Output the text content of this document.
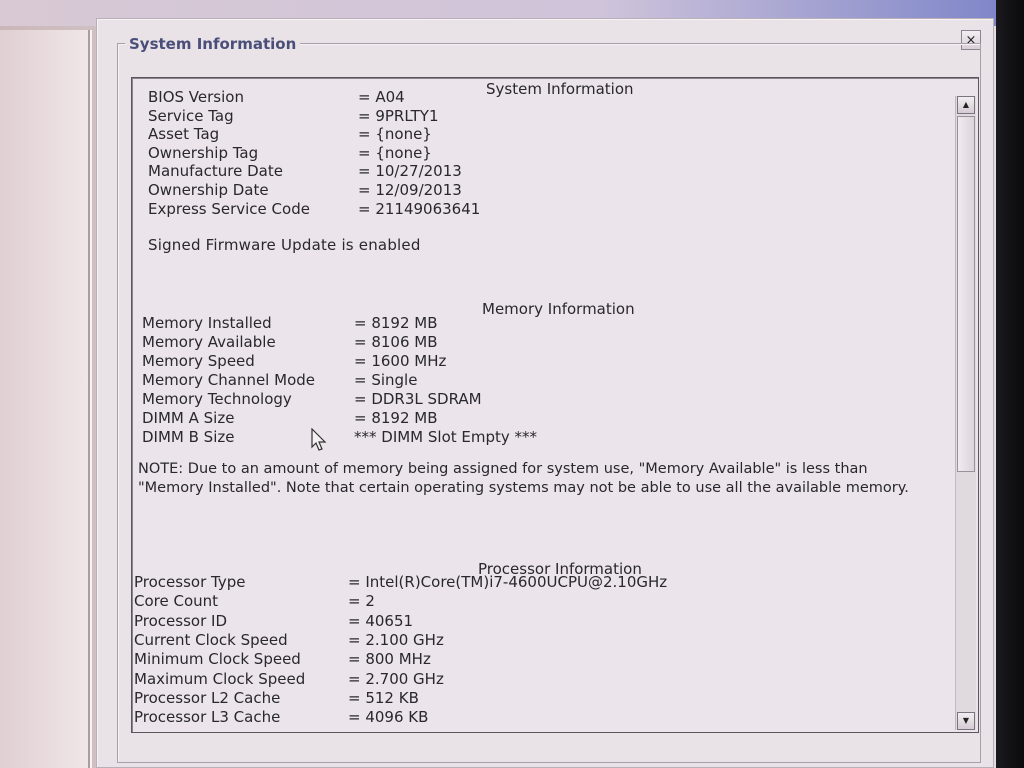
×
System Information
System Information
BIOS Version	= A04
Service Tag	= 9PRLTY1
Asset Tag	= {none}
Ownership Tag	= {none}
Manufacture Date	= 10/27/2013
Ownership Date	= 12/09/2013
Express Service Code	= 21149063641
Signed Firmware Update is enabled
Memory Information
Memory Installed	= 8192 MB
Memory Available	= 8106 MB
Memory Speed	= 1600 MHz
Memory Channel Mode	= Single
Memory Technology	= DDR3L SDRAM
DIMM A Size	= 8192 MB
DIMM B Size	*** DIMM Slot Empty ***
NOTE: Due to an amount of memory being assigned for system use, "Memory Available" is less than "Memory Installed". Note that certain operating systems may not be able to use all the available memory.
Processor Information
Processor Type	= Intel(R)Core(TM)i7-4600UCPU@2.10GHz
Core Count	= 2
Processor ID	= 40651
Current Clock Speed	= 2.100 GHz
Minimum Clock Speed	= 800 MHz
Maximum Clock Speed	= 2.700 GHz
Processor L2 Cache	= 512 KB
Processor L3 Cache	= 4096 KB
▲
▼
